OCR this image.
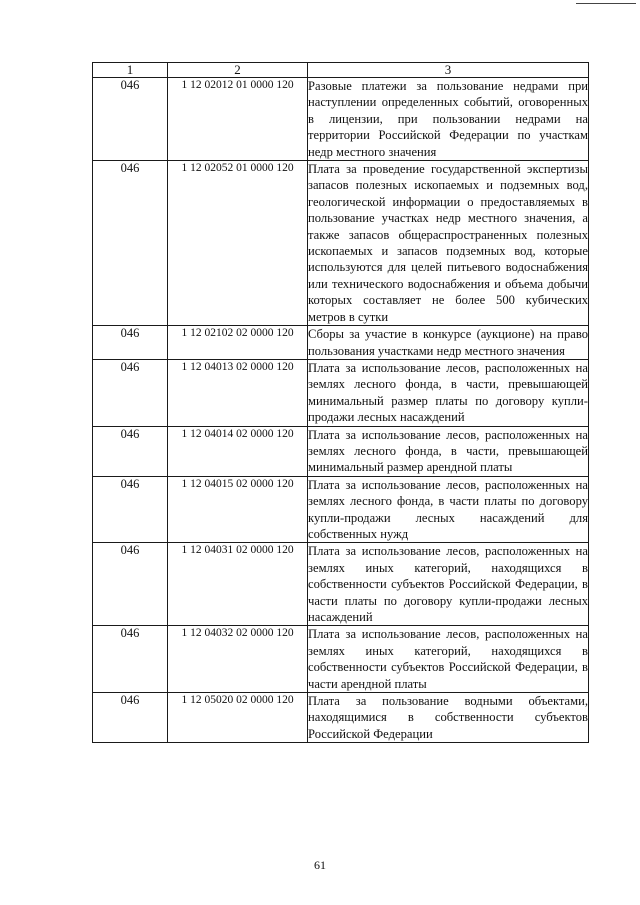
1	2	3
046	1 12 02012 01 0000 120	Разовые платежи за пользование недрами при наступлении определенных событий, оговоренных в лицензии, при пользовании недрами на территории Российской Федерации по участкам недр местного значения
046	1 12 02052 01 0000 120	Плата за проведение государственной экспертизы запасов полезных ископаемых и подземных вод, геологической информации о предоставляемых в пользование участках недр местного значения, а также запасов общераспространенных полезных ископаемых и запасов подземных вод, которые используются для целей питьевого водоснабжения или технического водоснабжения и объема добычи которых составляет не более 500 кубических метров в сутки
046	1 12 02102 02 0000 120	Сборы за участие в конкурсе (аукционе) на право пользования участками недр местного значения
046	1 12 04013 02 0000 120	Плата за использование лесов, расположенных на землях лесного фонда, в части, превышающей минимальный размер платы по договору купли-продажи лесных насаждений
046	1 12 04014 02 0000 120	Плата за использование лесов, расположенных на землях лесного фонда, в части, превышающей минимальный размер арендной платы
046	1 12 04015 02 0000 120	Плата за использование лесов, расположенных на землях лесного фонда, в части платы по договору купли-продажи лесных насаждений для собственных нужд
046	1 12 04031 02 0000 120	Плата за использование лесов, расположенных на землях иных категорий, находящихся в собственности субъектов Российской Федерации, в части платы по договору купли-продажи лесных насаждений
046	1 12 04032 02 0000 120	Плата за использование лесов, расположенных на землях иных категорий, находящихся в собственности субъектов Российской Федерации, в части арендной платы
046	1 12 05020 02 0000 120	Плата за пользование водными объектами, находящимися в собственности субъектов Российской Федерации
61
